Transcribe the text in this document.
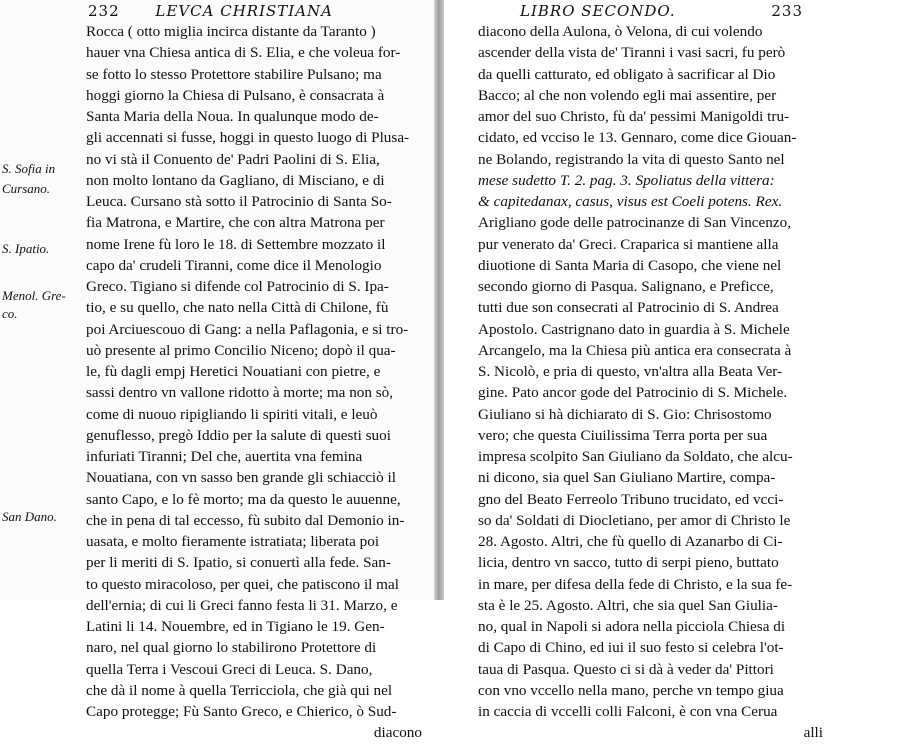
232 LEVCA CHRISTIANA	LIBRO SECONDO.	233
Rocca ( otto miglia incirca distante da Taranto )
hauer vna Chiesa antica di S. Elia, e che voleua for-
se fotto lo stesso Protettore stabilire Pulsano; ma
hoggi giorno la Chiesa di Pulsano, è consacrata à
Santa Maria della Noua. In qualunque modo de-
gli accennati si fusse, hoggi in questo luogo di Plusa-
no vi stà il Conuento de' Padri Paolini di S. Elia,
non molto lontano da Gagliano, di Misciano, e di
Leuca. Cursano stà sotto il Patrocinio di Santa So-
fia Matrona, e Martire, che con altra Matrona per
nome Irene fù loro le 18. di Settembre mozzato il
capo da' crudeli Tiranni, come dice il Menologio
Greco. Tigiano si difende col Patrocinio di S. Ipa-
tio, e su quello, che nato nella Città di Chilone, fù
poi Arciuescouo di Gang: a nella Paflagonia, e si tro-
uò presente al primo Concilio Niceno; dopò il qua-
le, fù dagli empj Heretici Nouatiani con pietre, e
sassi dentro vn vallone ridotto à morte; ma non sò,
come di nuouo ripigliando li spiriti vitali, e leuò
genuflesso, pregò Iddio per la salute di questi suoi
infuriati Tiranni; Del che, auertita vna femina
Nouatiana, con vn sasso ben grande gli schiacciò il
santo Capo, e lo fè morto; ma da questo le auuenne,
che in pena di tal eccesso, fù subito dal Demonio in-
uasata, e molto fieramente istratiata; liberata poi
per li meriti di S. Ipatio, si conuertì alla fede. San-
to questo miracoloso, per quei, che patiscono il mal
dell'ernia; di cui li Greci fanno festa li 31. Marzo, e
Latini li 14. Nouembre, ed in Tigiano le 19. Gen-
naro, nel qual giorno lo stabilirono Protettore di
quella Terra i Vescoui Greci di Leuca. S. Dano,
che dà il nome à quella Terricciola, che già qui nel
Capo protegge; Fù Santo Greco, e Chierico, ò Sud-
diacono
S. Sofia in
Cursano.
S. Ipatio.
Menol. Gre-
co.
San Dano.
diacono della Aulona, ò Velona, di cui volendo
ascender della vista de' Tiranni i vasi sacri, fu però
da quelli catturato, ed obligato à sacrificar al Dio
Bacco; al che non volendo egli mai assentire, per
amor del suo Christo, fù da' pessimi Manigoldi tru-
cidato, ed vcciso le 13. Gennaro, come dice Giouan-
ne Bolando, registrando la vita di questo Santo nel
mese sudetto T. 2. pag. 3. Spoliatus della vittera:
& capitedanax, casus, visus est Coeli potens. Rex.
Arigliano gode delle patrocinanze di San Vincenzo,
pur venerato da' Greci. Craparica si mantiene alla
diuotione di Santa Maria di Casopo, che viene nel
secondo giorno di Pasqua. Salignano, e Preficce,
tutti due son consecrati al Patrocinio di S. Andrea
Apostolo. Castrignano dato in guardia à S. Michele
Arcangelo, ma la Chiesa più antica era consecrata à
S. Nicolò, e pria di questo, vn'altra alla Beata Ver-
gine. Pato ancor gode del Patrocinio di S. Michele.
Giuliano si hà dichiarato di S. Gio: Chrisostomo
vero; che questa Ciuilissima Terra porta per sua
impresa scolpito San Giuliano da Soldato, che alcu-
ni dicono, sia quel San Giuliano Martire, compa-
gno del Beato Ferreolo Tribuno trucidato, ed vcci-
so da' Soldati di Diocletiano, per amor di Christo le
28. Agosto. Altri, che fù quello di Azanarbo di Ci-
licia, dentro vn sacco, tutto di serpi pieno, buttato
in mare, per difesa della fede di Christo, e la sua fe-
sta è le 25. Agosto. Altri, che sia quel San Giulia-
no, qual in Napoli si adora nella picciola Chiesa di
di Capo di Chino, ed iui il suo festo si celebra l'ot-
taua di Pasqua. Questo ci si dà à veder da' Pittori
con vno vccello nella mano, perche vn tempo giua
in caccia di vccelli colli Falconi, è con vna Cerua
alli
